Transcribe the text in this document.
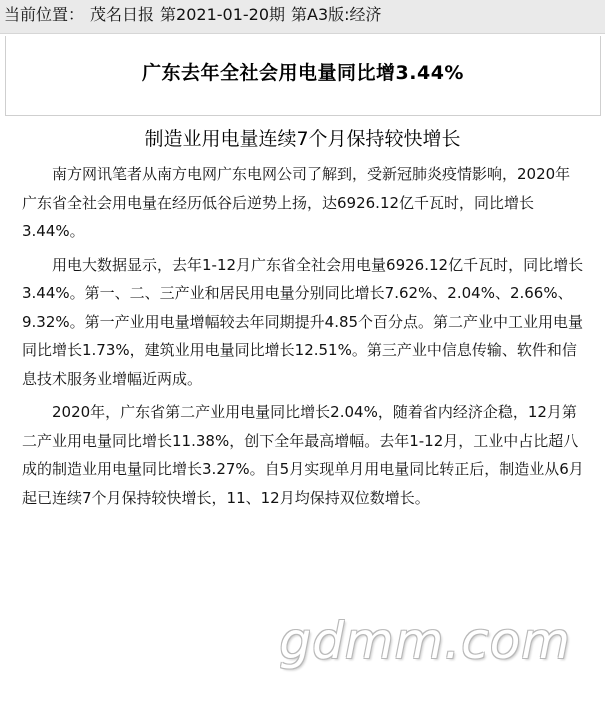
当前位置： 茂名日报 第2021-01-20期 第A3版:经济
广东去年全社会用电量同比增3.44%
制造业用电量连续7个月保持较快增长

南方网讯笔者从南方电网广东电网公司了解到，受新冠肺炎疫情影响，2020年广东省全社会用电量在经历低谷后逆势上扬，达6926.12亿千瓦时，同比增长3.44%。

用电大数据显示，去年1-12月广东省全社会用电量6926.12亿千瓦时，同比增长3.44%。第一、二、三产业和居民用电量分别同比增长7.62%、2.04%、2.66%、9.32%。第一产业用电量增幅较去年同期提升4.85个百分点。第二产业中工业用电量同比增长1.73%，建筑业用电量同比增长12.51%。第三产业中信息传输、软件和信息技术服务业增幅近两成。

2020年，广东省第二产业用电量同比增长2.04%，随着省内经济企稳，12月第二产业用电量同比增长11.38%，创下全年最高增幅。去年1-12月，工业中占比超八成的制造业用电量同比增长3.27%。自5月实现单月用电量同比转正后，制造业从6月起已连续7个月保持较快增长，11、12月均保持双位数增长。

gdmm.com
